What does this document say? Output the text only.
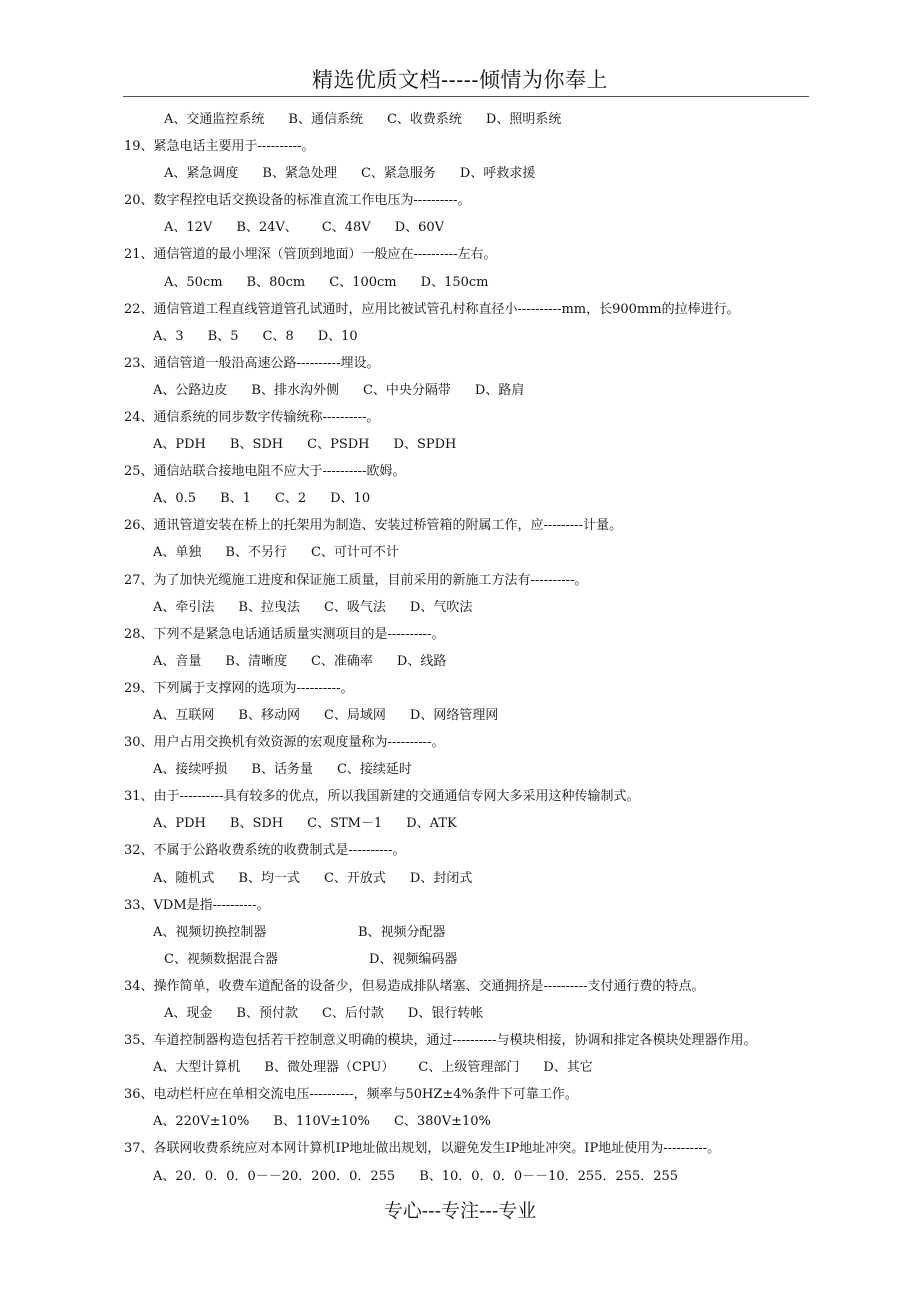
精选优质文档-----倾情为你奉上
A、交通监控系统 B、通信系统 C、收费系统 D、照明系统
19、紧急电话主要用于----------。
A、紧急调度 B、紧急处理 C、紧急服务 D、呼救求援
20、数字程控电话交换设备的标准直流工作电压为----------。
A、12V B、24V、 C、48V D、60V
21、通信管道的最小埋深（管顶到地面）一般应在----------左右。
A、50cm B、80cm C、100cm D、150cm
22、通信管道工程直线管道管孔试通时，应用比被试管孔村称直径小----------mm，长900mm的拉棒进行。
A、3 B、5 C、8 D、10
23、通信管道一般沿高速公路----------埋设。
A、公路边皮 B、排水沟外侧 C、中央分隔带 D、路肩
24、通信系统的同步数字传输统称----------。
A、PDH B、SDH C、PSDH D、SPDH
25、通信站联合接地电阻不应大于----------欧姆。
A、0.5 B、1 C、2 D、10
26、通讯管道安装在桥上的托架用为制造、安装过桥管箱的附属工作，应---------计量。
A、单独 B、不另行 C、可计可不计
27、为了加快光缆施工进度和保证施工质量，目前采用的新施工方法有----------。
A、牵引法 B、拉曳法 C、吸气法 D、气吹法
28、下列不是紧急电话通话质量实测项目的是----------。
A、音量 B、清晰度 C、准确率 D、线路
29、下列属于支撑网的选项为----------。
A、互联网 B、移动网 C、局域网 D、网络管理网
30、用户占用交换机有效资源的宏观度量称为----------。
A、接续呼损 B、话务量 C、接续延时
31、由于----------具有较多的优点，所以我国新建的交通通信专网大多采用这种传输制式。
A、PDH B、SDH C、STM－1 D、ATK
32、不属于公路收费系统的收费制式是----------。
A、随机式 B、均一式 C、开放式 D、封闭式
33、VDM是指----------。
A、视频切换控制器	B、视频分配器
C、视频数据混合器	D、视频编码器
34、操作简单，收费车道配备的设备少，但易造成排队堵塞、交通拥挤是----------支付通行费的特点。
A、现金 B、预付款 C、后付款 D、银行转帐
35、车道控制器构造包括若干控制意义明确的模块，通过----------与模块相接，协调和排定各模块处理器作用。
A、大型计算机 B、微处理器（CPU） C、上级管理部门 D、其它
36、电动栏杆应在单相交流电压----------，频率与50HZ±4%条件下可靠工作。
A、220V±10% B、110V±10% C、380V±10%
37、各联网收费系统应对本网计算机IP地址做出规划，以避免发生IP地址冲突。IP地址使用为----------。
A、20．0．0．0－－20．200．0．255 B、10．0．0．0－－10．255．255．255
专心---专注---专业
